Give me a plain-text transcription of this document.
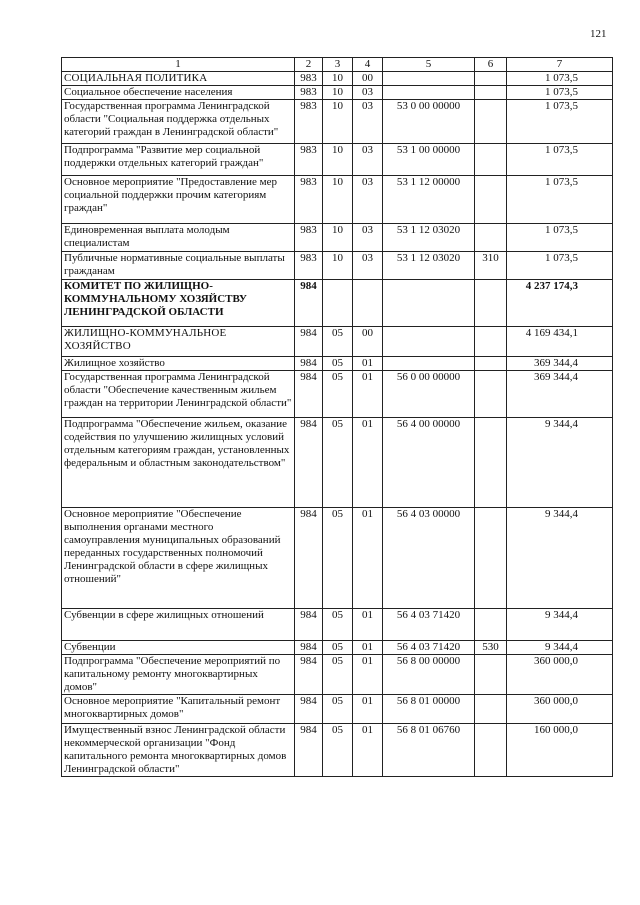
121
1	2	3	4	5	6	7
СОЦИАЛЬНАЯ ПОЛИТИКА	983	10	00			1 073,5
Социальное обеспечение населения	983	10	03			1 073,5
Государственная программа Ленинградской области "Социальная поддержка отдельных категорий граждан в Ленинградской области"	983	10	03	53 0 00 00000		1 073,5
Подпрограмма "Развитие мер социальной поддержки отдельных категорий граждан"	983	10	03	53 1 00 00000		1 073,5
Основное мероприятие "Предоставление мер социальной поддержки прочим категориям граждан"	983	10	03	53 1 12 00000		1 073,5
Единовременная выплата молодым специалистам	983	10	03	53 1 12 03020		1 073,5
Публичные нормативные социальные выплаты гражданам	983	10	03	53 1 12 03020	310	1 073,5
КОМИТЕТ ПО ЖИЛИЩНО-КОММУНАЛЬНОМУ ХОЗЯЙСТВУ ЛЕНИНГРАДСКОЙ ОБЛАСТИ	984					4 237 174,3
ЖИЛИЩНО-КОММУНАЛЬНОЕ ХОЗЯЙСТВО	984	05	00			4 169 434,1
Жилищное хозяйство	984	05	01			369 344,4
Государственная программа Ленинградской области "Обеспечение качественным жильем граждан на территории Ленинградской области"	984	05	01	56 0 00 00000		369 344,4
Подпрограмма "Обеспечение жильем, оказание содействия по улучшению жилищных условий отдельным категориям граждан, установленных федеральным и областным законодательством"	984	05	01	56 4 00 00000		9 344,4
Основное мероприятие "Обеспечение выполнения органами местного самоуправления муниципальных образований переданных государственных полномочий Ленинградской области в сфере жилищных отношений"	984	05	01	56 4 03 00000		9 344,4
Субвенции в сфере жилищных отношений	984	05	01	56 4 03 71420		9 344,4
Субвенции	984	05	01	56 4 03 71420	530	9 344,4
Подпрограмма "Обеспечение мероприятий по капитальному ремонту многоквартирных домов"	984	05	01	56 8 00 00000		360 000,0
Основное мероприятие "Капитальный ремонт многоквартирных домов"	984	05	01	56 8 01 00000		360 000,0
Имущественный взнос Ленинградской области некоммерческой организации "Фонд капитального ремонта многоквартирных домов Ленинградской области"	984	05	01	56 8 01 06760		160 000,0
